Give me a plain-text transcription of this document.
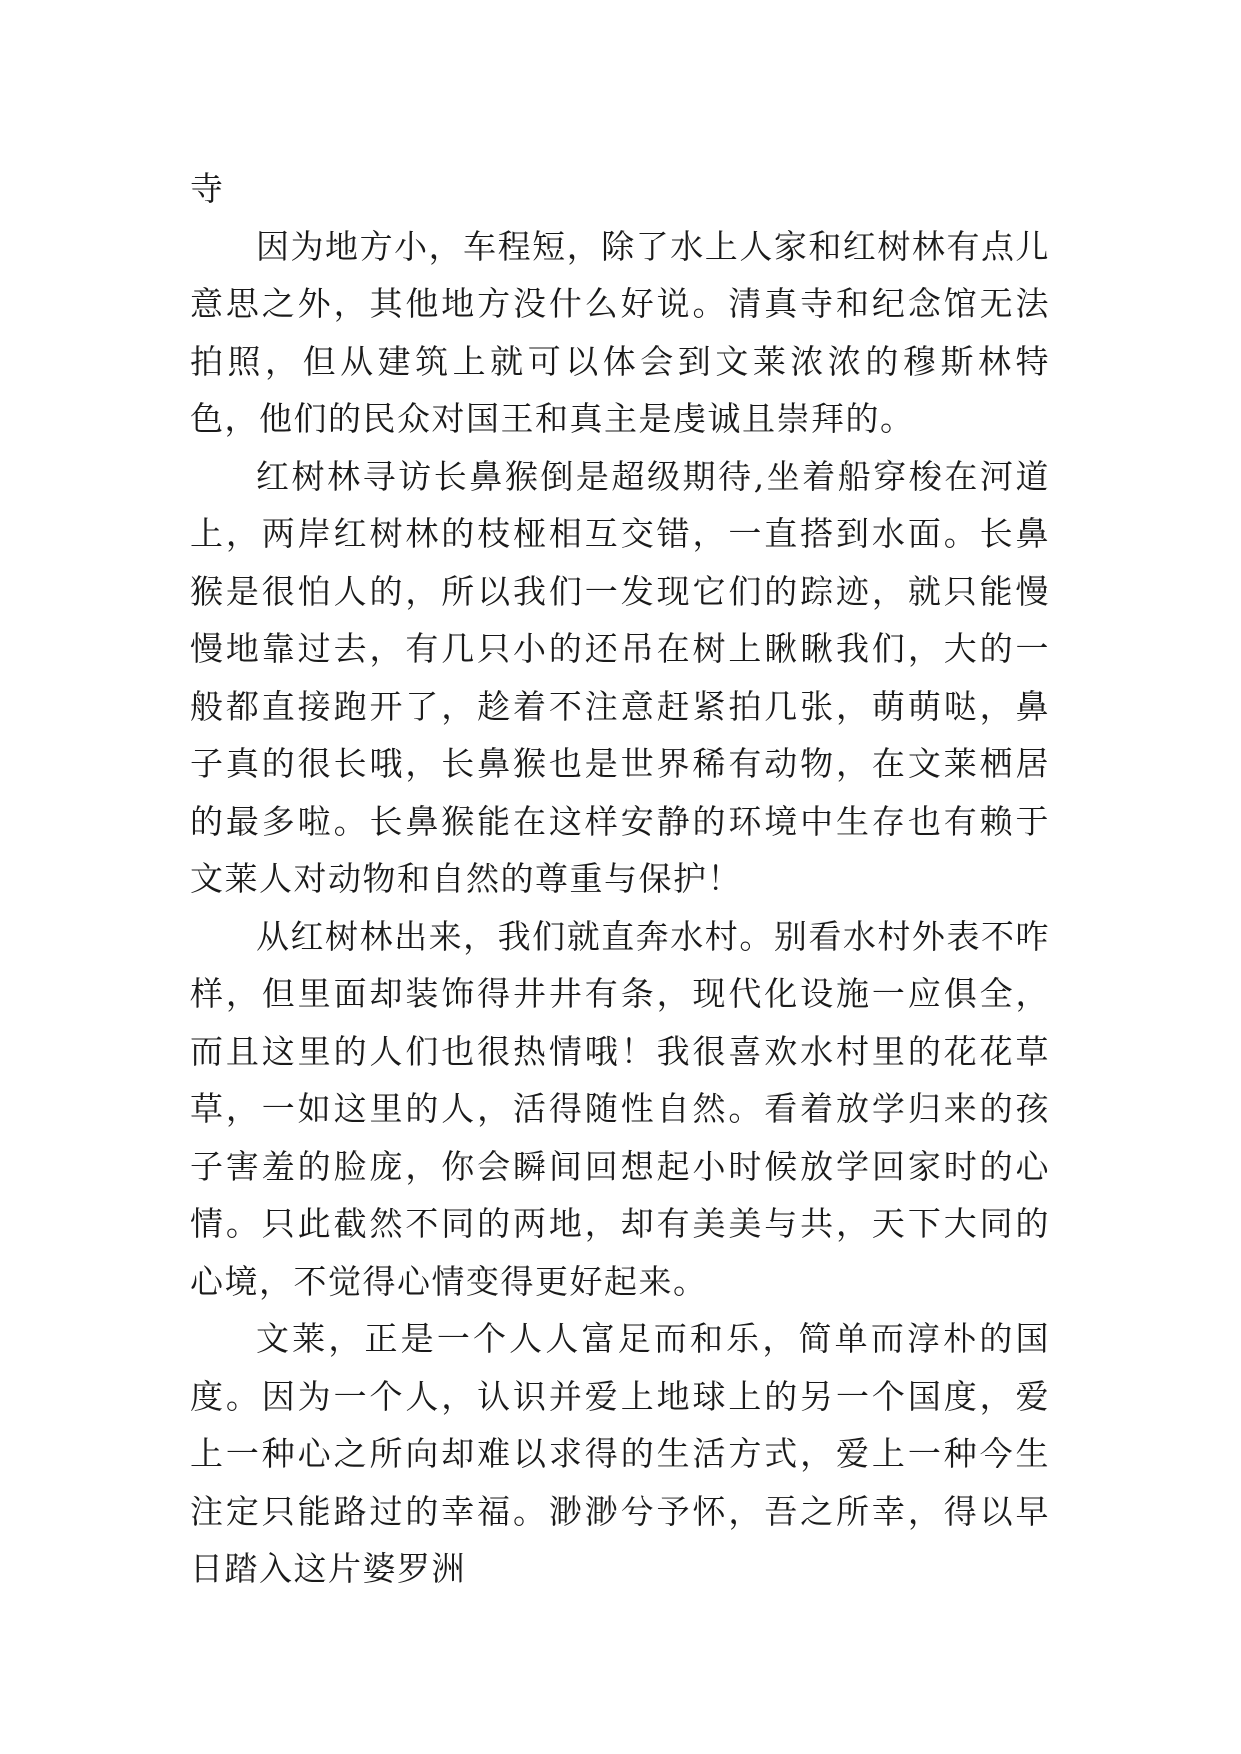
寺

因为地方小，车程短，除了水上人家和红树林有点儿意思之外，其他地方没什么好说。清真寺和纪念馆无法拍照，但从建筑上就可以体会到文莱浓浓的穆斯林特色，他们的民众对国王和真主是虔诚且崇拜的。

红树林寻访长鼻猴倒是超级期待,坐着船穿梭在河道上，两岸红树林的枝桠相互交错，一直搭到水面。长鼻猴是很怕人的，所以我们一发现它们的踪迹，就只能慢慢地靠过去，有几只小的还吊在树上瞅瞅我们，大的一般都直接跑开了，趁着不注意赶紧拍几张，萌萌哒，鼻子真的很长哦，长鼻猴也是世界稀有动物，在文莱栖居的最多啦。长鼻猴能在这样安静的环境中生存也有赖于文莱人对动物和自然的尊重与保护！

从红树林出来，我们就直奔水村。别看水村外表不咋样，但里面却装饰得井井有条，现代化设施一应俱全，而且这里的人们也很热情哦！我很喜欢水村里的花花草草，一如这里的人，活得随性自然。看着放学归来的孩子害羞的脸庞，你会瞬间回想起小时候放学回家时的心情。只此截然不同的两地，却有美美与共，天下大同的心境，不觉得心情变得更好起来。

文莱，正是一个人人富足而和乐，简单而淳朴的国度。因为一个人，认识并爱上地球上的另一个国度，爱上一种心之所向却难以求得的生活方式，爱上一种今生注定只能路过的幸福。渺渺兮予怀，吾之所幸，得以早日踏入这片婆罗洲
